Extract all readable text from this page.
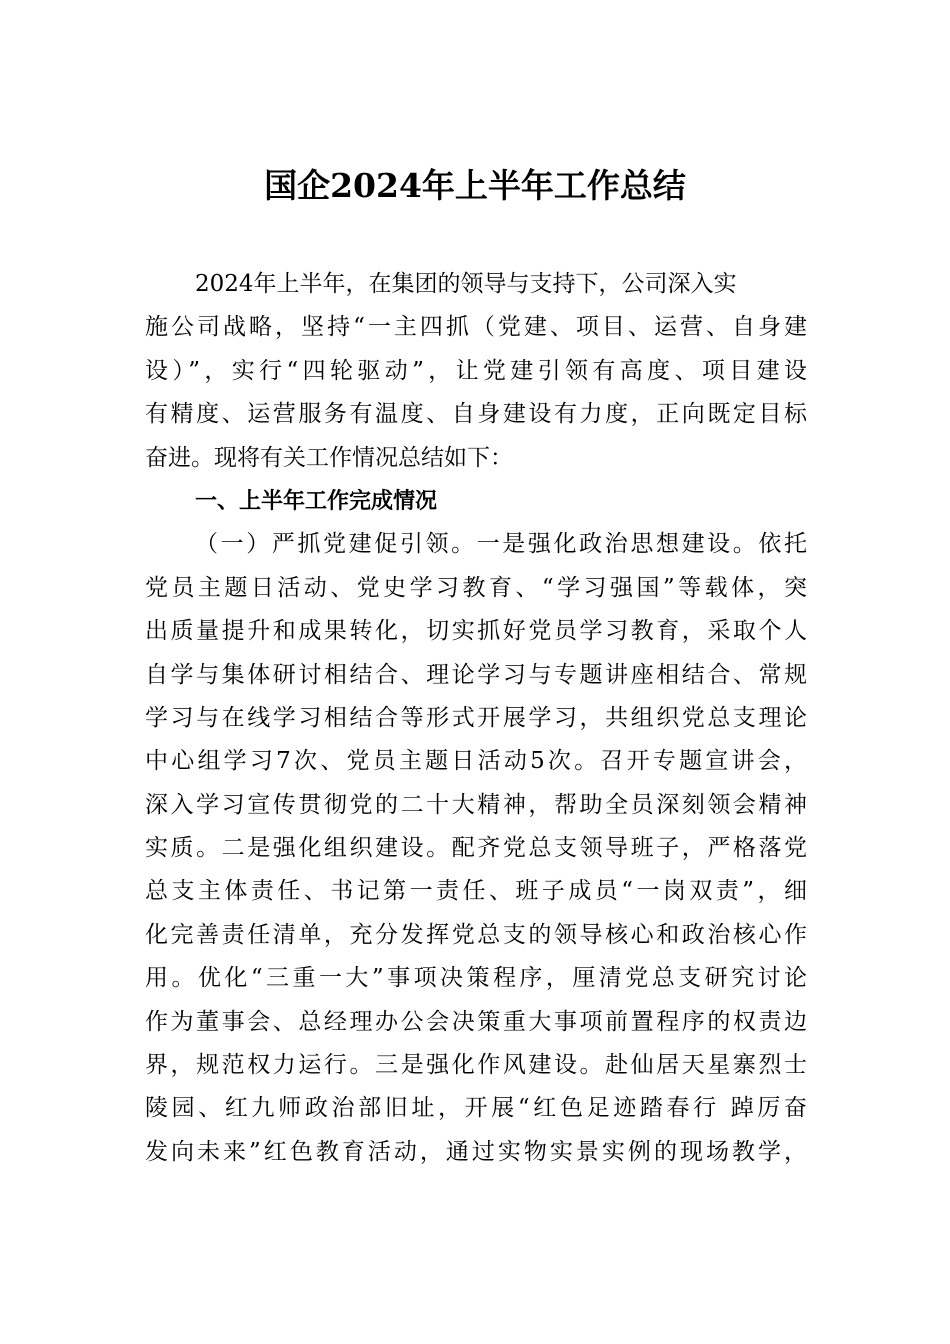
国企2024年上半年工作总结
2024年上半年，在集团的领导与支持下，公司深入实
施公司战略，坚持“一主四抓（党建、项目、运营、自身建
设）”，实行“四轮驱动”，让党建引领有高度、项目建设
有精度、运营服务有温度、自身建设有力度，正向既定目标
奋进。现将有关工作情况总结如下：
一、上半年工作完成情况
（一）严抓党建促引领。一是强化政治思想建设。依托
党员主题日活动、党史学习教育、“学习强国”等载体，突
出质量提升和成果转化，切实抓好党员学习教育，采取个人
自学与集体研讨相结合、理论学习与专题讲座相结合、常规
学习与在线学习相结合等形式开展学习，共组织党总支理论
中心组学习7次、党员主题日活动5次。召开专题宣讲会，
深入学习宣传贯彻党的二十大精神，帮助全员深刻领会精神
实质。二是强化组织建设。配齐党总支领导班子，严格落党
总支主体责任、书记第一责任、班子成员“一岗双责”，细
化完善责任清单，充分发挥党总支的领导核心和政治核心作
用。优化“三重一大”事项决策程序，厘清党总支研究讨论
作为董事会、总经理办公会决策重大事项前置程序的权责边
界，规范权力运行。三是强化作风建设。赴仙居天星寨烈士
陵园、红九师政治部旧址，开展“红色足迹踏春行 踔厉奋
发向未来”红色教育活动，通过实物实景实例的现场教学，
